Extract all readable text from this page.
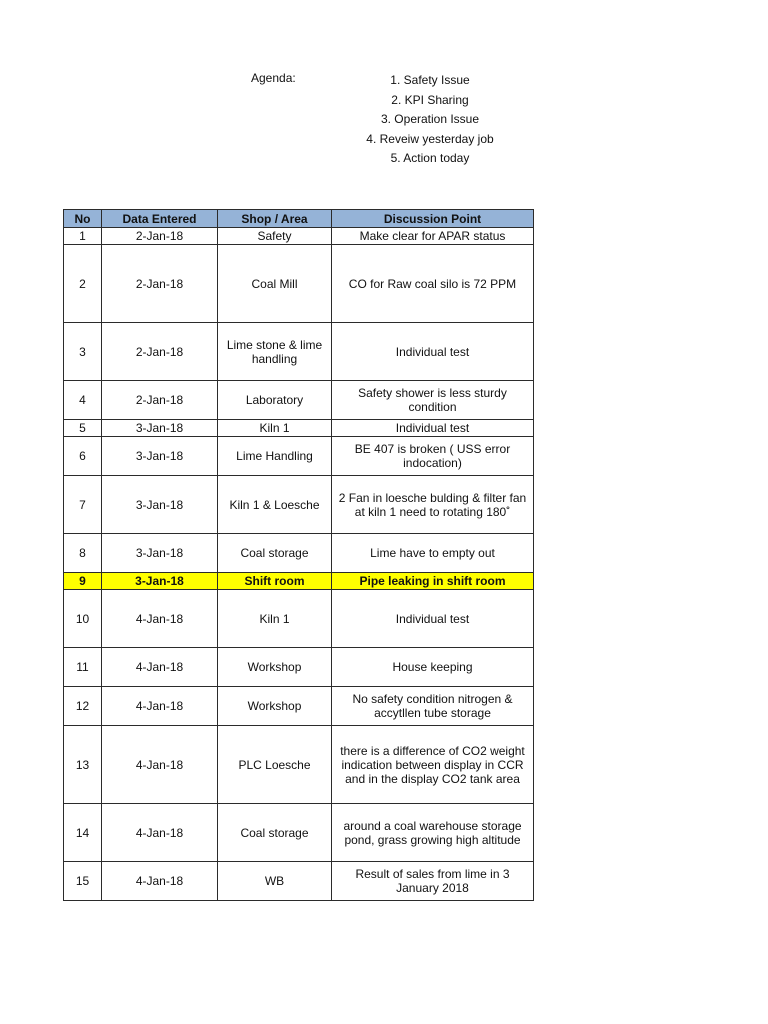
Agenda:	1. Safety Issue
2. KPI Sharing
3. Operation Issue
4. Reveiw yesterday job
5. Action today
No	Data Entered	Shop / Area	Discussion Point
1	2-Jan-18	Safety	Make clear for APAR status
2	2-Jan-18	Coal Mill	CO for Raw coal silo is 72 PPM
3	2-Jan-18	Lime stone & lime handling	Individual test
4	2-Jan-18	Laboratory	Safety shower is less sturdy condition
5	3-Jan-18	Kiln 1	Individual test
6	3-Jan-18	Lime Handling	BE 407 is broken ( USS error indocation)
7	3-Jan-18	Kiln 1 & Loesche	2 Fan in loesche bulding & filter fan at kiln 1 need to rotating 180˚
8	3-Jan-18	Coal storage	Lime have to empty out
9	3-Jan-18	Shift room	Pipe leaking in shift room
10	4-Jan-18	Kiln 1	Individual test
11	4-Jan-18	Workshop	House keeping
12	4-Jan-18	Workshop	No safety condition nitrogen & accytllen tube storage
13	4-Jan-18	PLC Loesche	there is a difference of CO2 weight indication between display in CCR and in the display CO2 tank area
14	4-Jan-18	Coal storage	around a coal warehouse storage pond, grass growing high altitude
15	4-Jan-18	WB	Result of sales from lime in 3 January 2018
